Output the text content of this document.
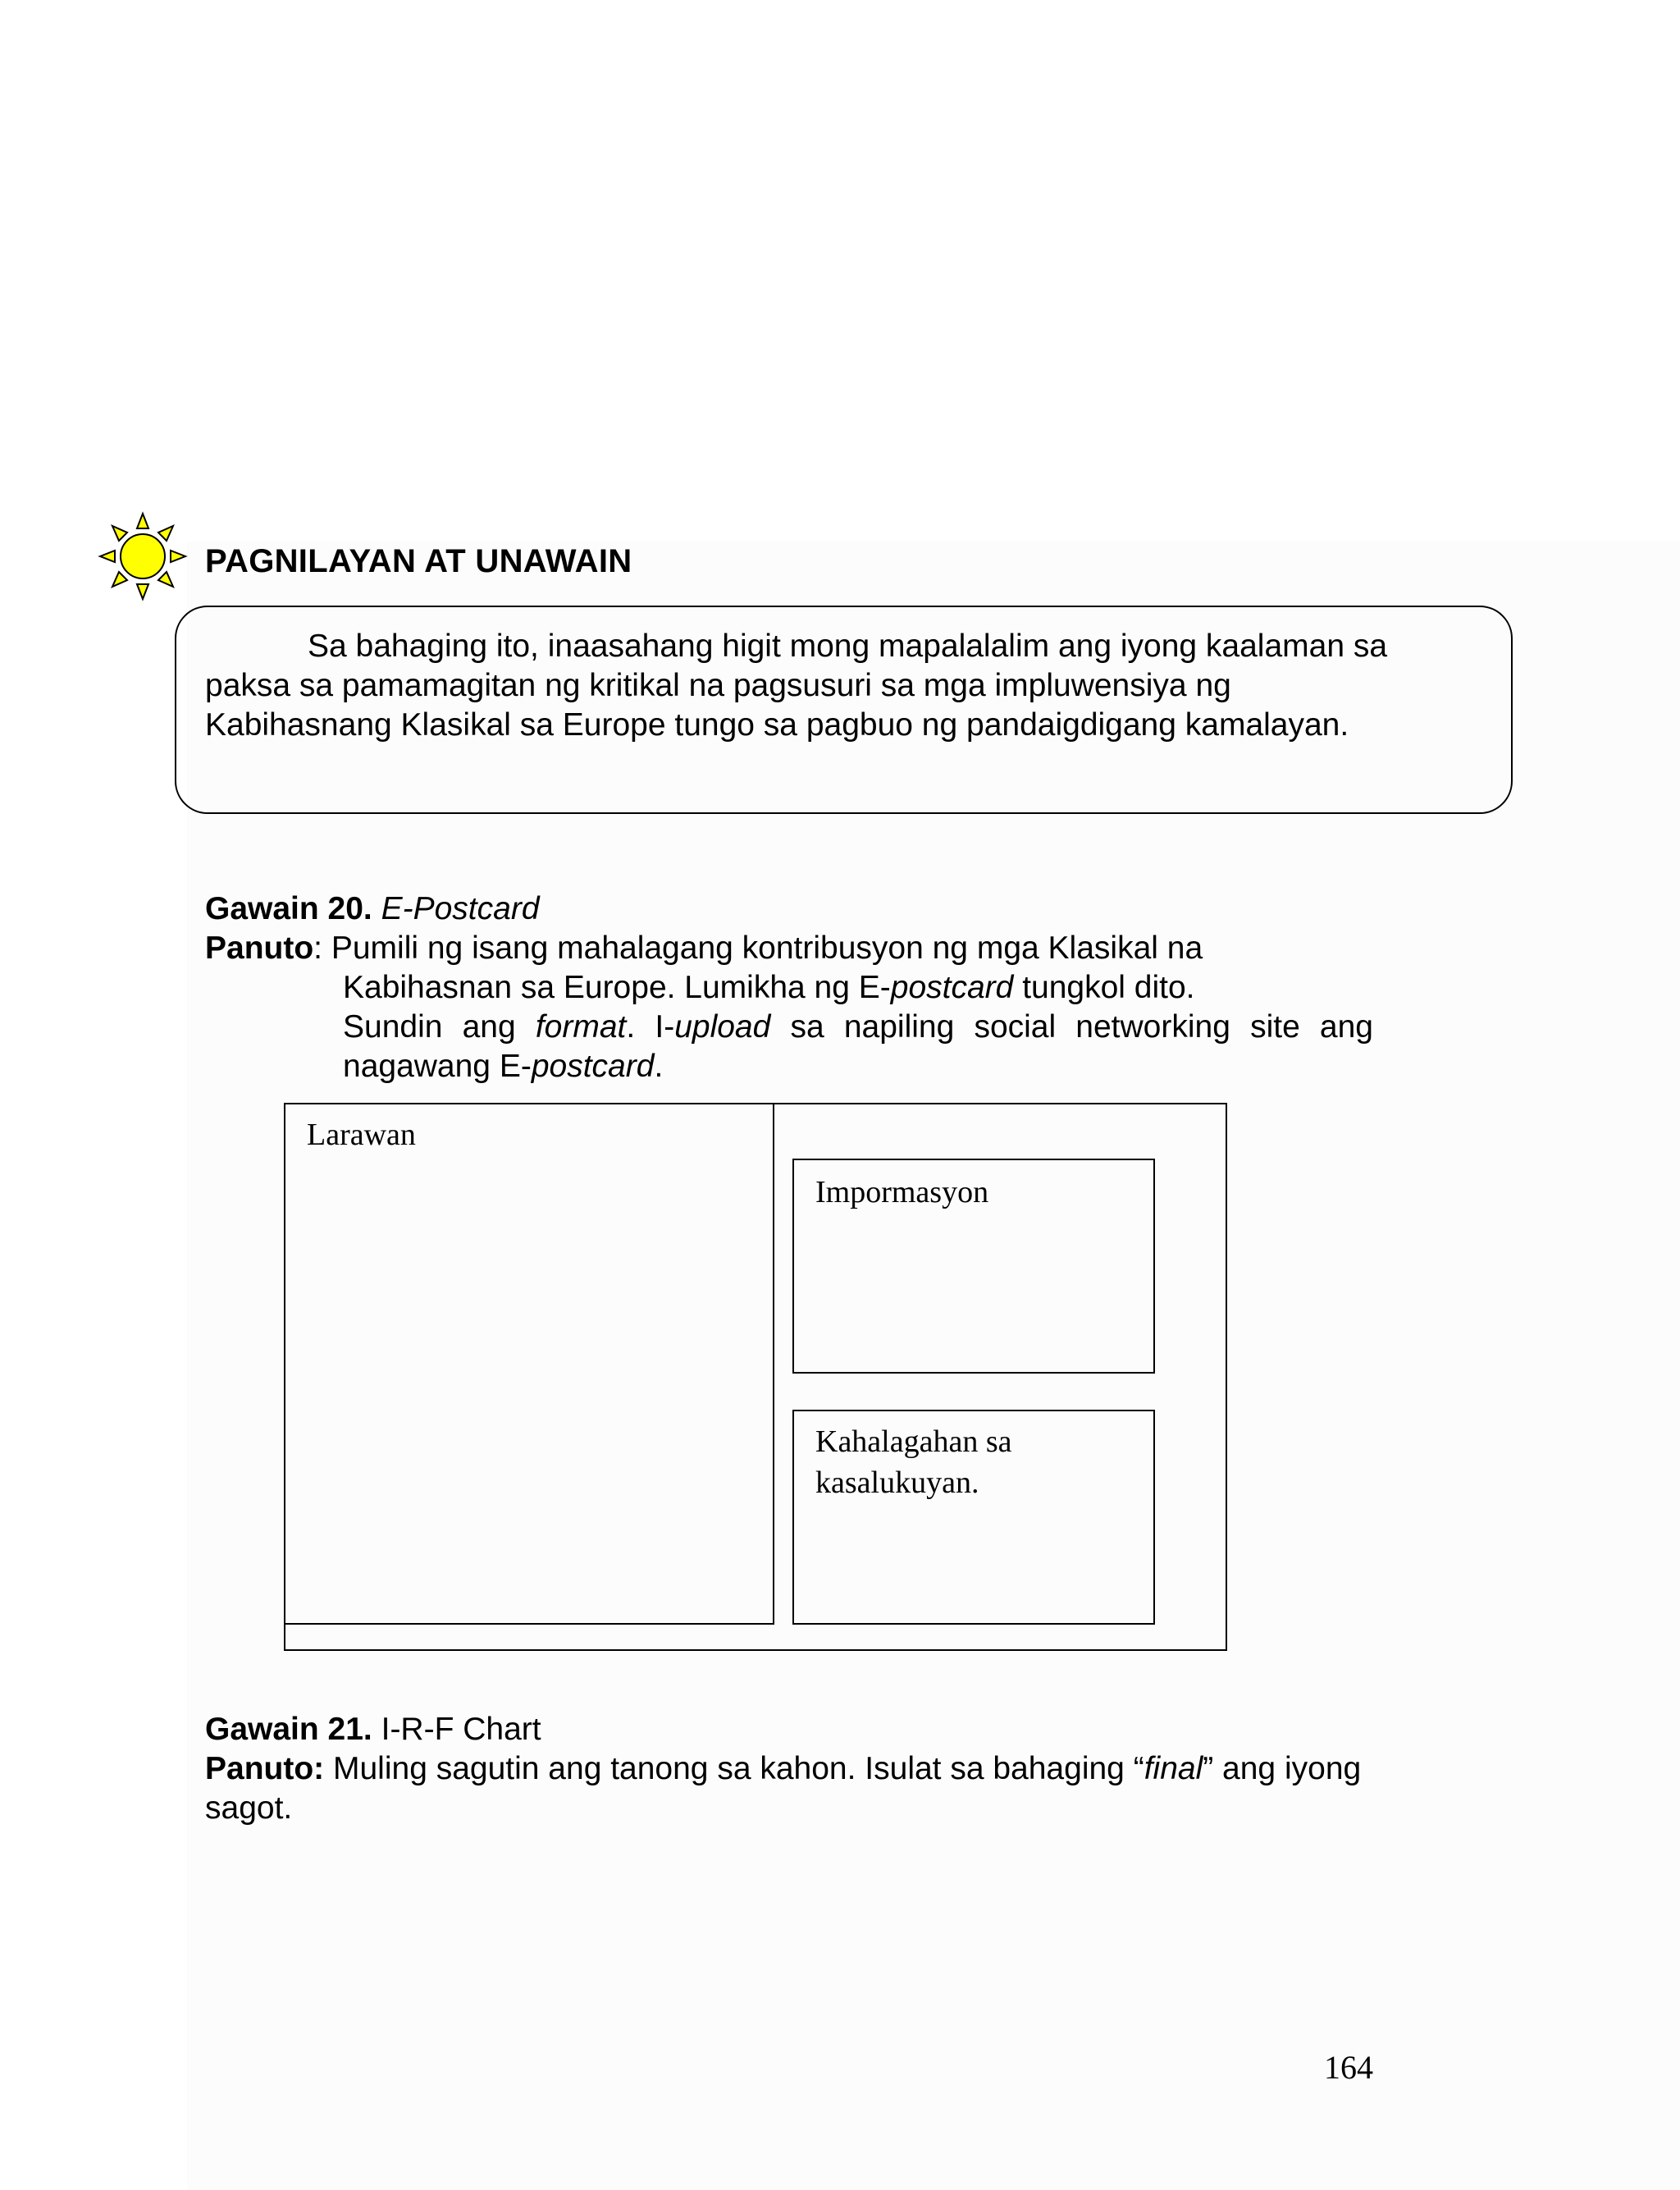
PAGNILAYAN AT UNAWAIN
Sa bahaging ito, inaasahang higit mong mapalalalim ang iyong kaalaman sa
paksa sa pamamagitan ng kritikal na pagsusuri sa mga impluwensiya ng
Kabihasnang Klasikal sa Europe tungo sa pagbuo ng pandaigdigang kamalayan.
Gawain 20. E-Postcard
Panuto: Pumili ng isang mahalagang kontribusyon ng mga Klasikal na
Kabihasnan sa Europe. Lumikha ng E-postcard tungkol dito.
Sundin ang format. I-upload sa napiling social networking site ang
nagawang E-postcard.
Larawan
Impormasyon
Kahalagahan sa kasalukuyan.
Gawain 21. I-R-F Chart
Panuto: Muling sagutin ang tanong sa kahon. Isulat sa bahaging “final” ang iyong sagot.
164
